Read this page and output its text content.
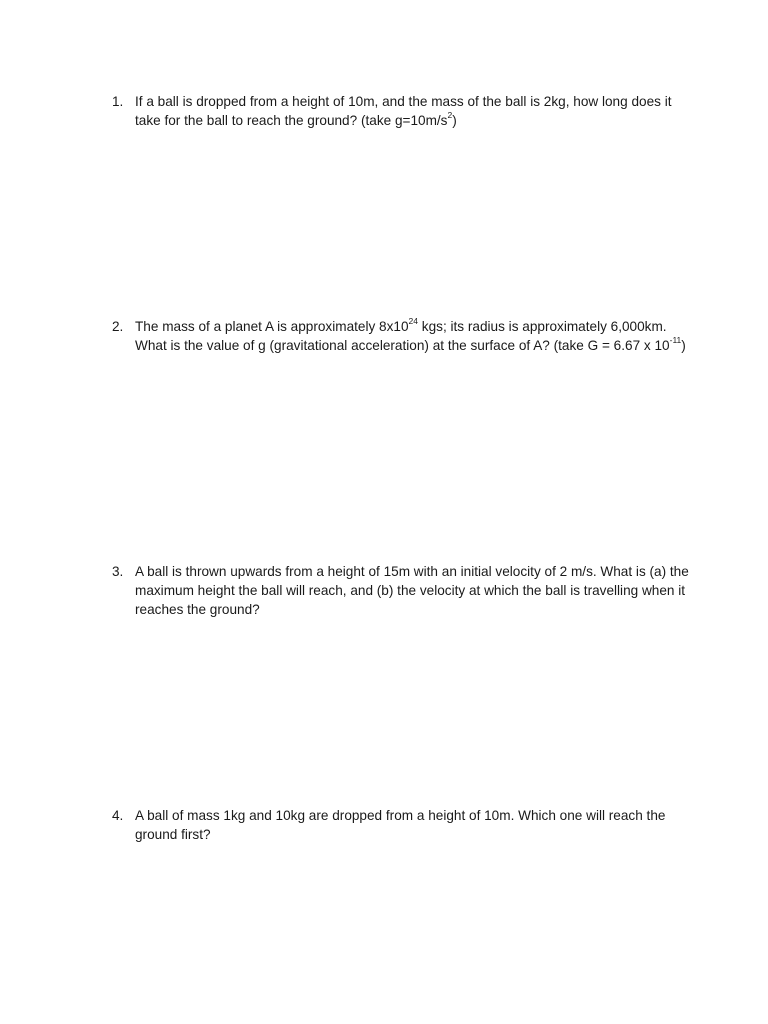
1. If a ball is dropped from a height of 10m, and the mass of the ball is 2kg, how long does it take for the ball to reach the ground? (take $g=10m/s^2$)
2. The mass of a planet A is approximately $8x10^{24}$ kgs; its radius is approximately 6,000km. What is the value of g (gravitational acceleration) at the surface of A? (take G = 6.67 x $10^{-11}$)
3. A ball is thrown upwards from a height of 15m with an initial velocity of 2 m/s. What is (a) the maximum height the ball will reach, and (b) the velocity at which the ball is travelling when it reaches the ground?
4. A ball of mass 1kg and 10kg are dropped from a height of 10m. Which one will reach the ground first?
